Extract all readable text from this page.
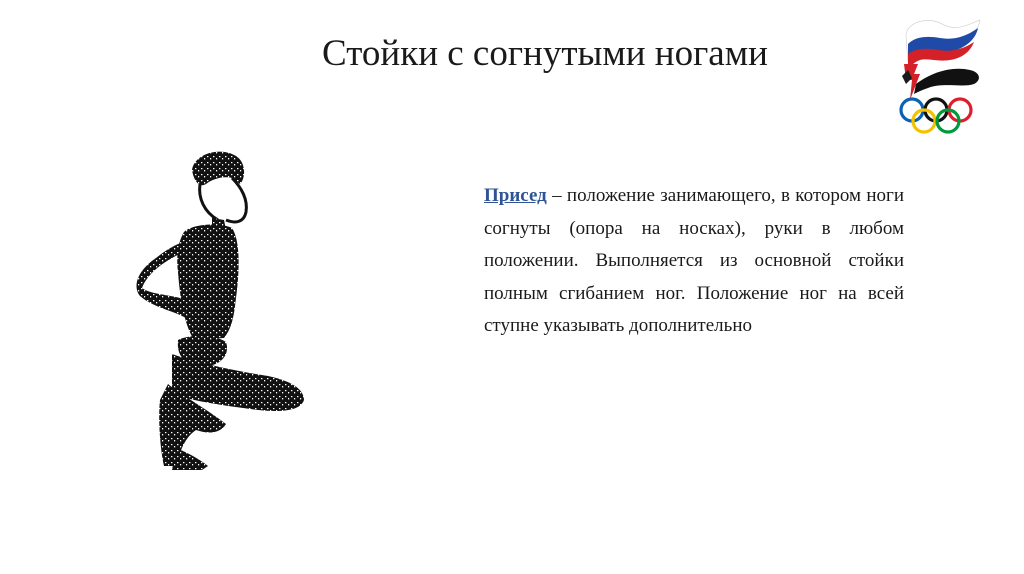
Стойки с согнутыми ногами

Присед – положение занимающего, в котором ноги согнуты (опора на носках), руки в любом положении. Выполняется из основной стойки полным сгибанием ног. Положение ног на всей ступне указывать дополнительно
